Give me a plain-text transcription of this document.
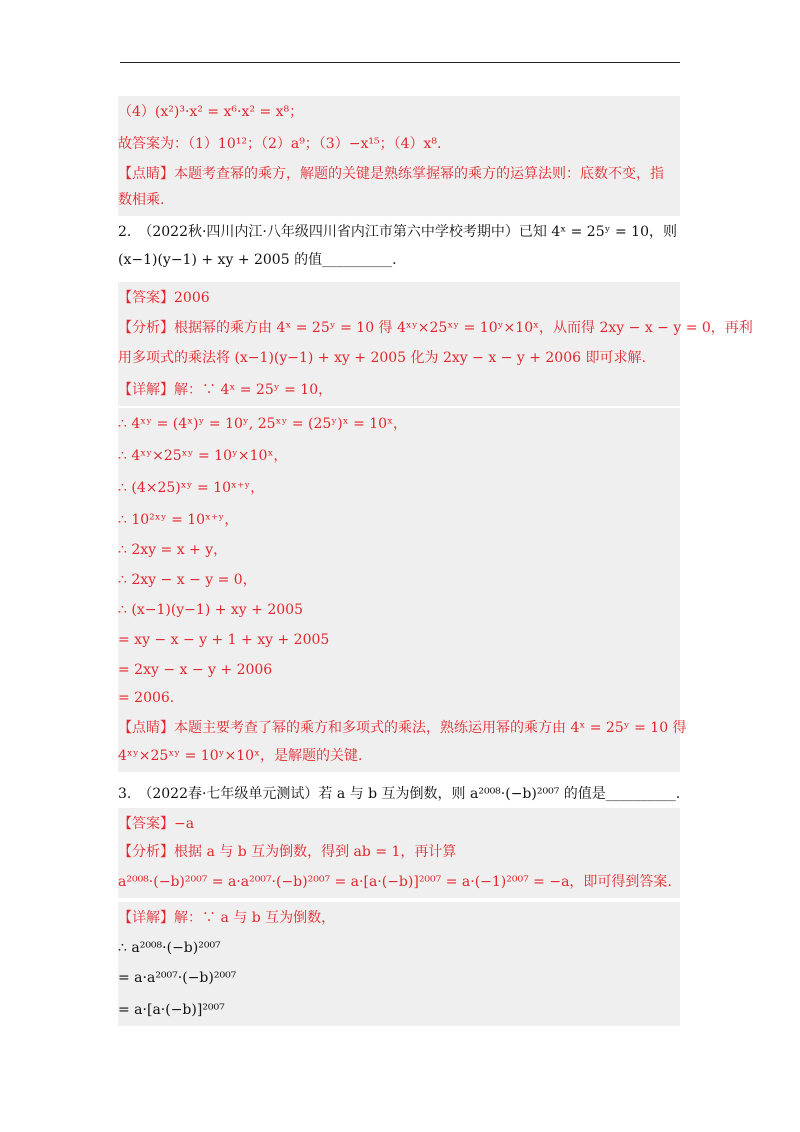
（4）(x²)³·x² = x⁶·x² = x⁸；
故答案为：（1）10¹²；（2）a⁹；（3）−x¹⁵；（4）x⁸．
【点睛】本题考查幂的乘方，解题的关键是熟练掌握幂的乘方的运算法则：底数不变，指
数相乘.
2.　（2022秋·四川内江·八年级四川省内江市第六中学校考期中）已知 4ˣ = 25ʸ = 10，则
(x−1)(y−1) + xy + 2005 的值__________.
【答案】2006
【分析】根据幂的乘方由 4ˣ = 25ʸ = 10 得 4ˣʸ×25ˣʸ = 10ʸ×10ˣ，从而得 2xy − x − y = 0，再利
用多项式的乘法将 (x−1)(y−1) + xy + 2005 化为 2xy − x − y + 2006 即可求解.
【详解】解：∵ 4ˣ = 25ʸ = 10，
∴ 4ˣʸ = (4ˣ)ʸ = 10ʸ, 25ˣʸ = (25ʸ)ˣ = 10ˣ，
∴ 4ˣʸ×25ˣʸ = 10ʸ×10ˣ，
∴ (4×25)ˣʸ = 10ˣ⁺ʸ，
∴ 10²ˣʸ = 10ˣ⁺ʸ，
∴ 2xy = x + y，
∴ 2xy − x − y = 0，
∴ (x−1)(y−1) + xy + 2005
= xy − x − y + 1 + xy + 2005
= 2xy − x − y + 2006
= 2006．
【点睛】本题主要考查了幂的乘方和多项式的乘法，熟练运用幂的乘方由 4ˣ = 25ʸ = 10 得
4ˣʸ×25ˣʸ = 10ʸ×10ˣ，是解题的关键.
3.　（2022春·七年级单元测试）若 a 与 b 互为倒数，则 a²⁰⁰⁸·(−b)²⁰⁰⁷ 的值是__________.
【答案】−a
【分析】根据 a 与 b 互为倒数，得到 ab = 1，再计算
a²⁰⁰⁸·(−b)²⁰⁰⁷ = a·a²⁰⁰⁷·(−b)²⁰⁰⁷ = a·[a·(−b)]²⁰⁰⁷ = a·(−1)²⁰⁰⁷ = −a，即可得到答案.
【详解】解：∵ a 与 b 互为倒数，
∴ a²⁰⁰⁸·(−b)²⁰⁰⁷
= a·a²⁰⁰⁷·(−b)²⁰⁰⁷
= a·[a·(−b)]²⁰⁰⁷
